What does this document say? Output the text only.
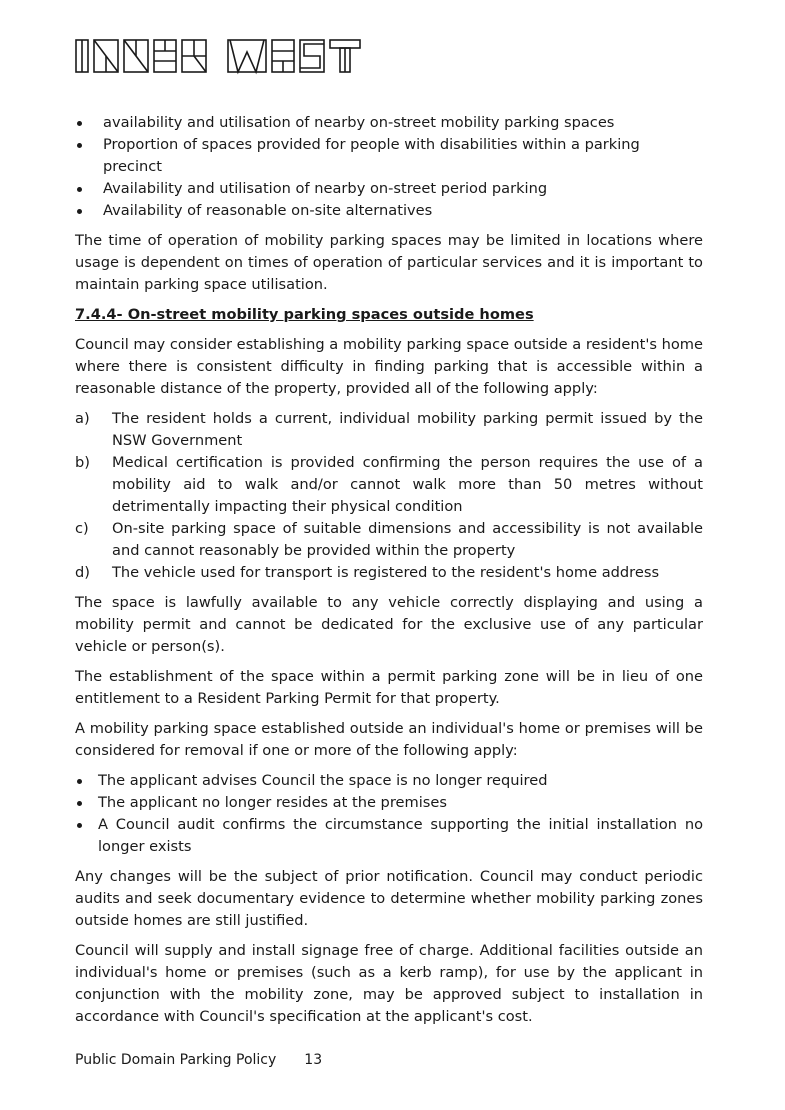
availability and utilisation of nearby on-street mobility parking spaces
Proportion of spaces provided for people with disabilities within a parking precinct
Availability and utilisation of nearby on-street period parking
Availability of reasonable on-site alternatives

The time of operation of mobility parking spaces may be limited in locations where usage is dependent on times of operation of particular services and it is important to maintain parking space utilisation.

7.4.4- On-street mobility parking spaces outside homes

Council may consider establishing a mobility parking space outside a resident's home where there is consistent difficulty in finding parking that is accessible within a reasonable distance of the property, provided all of the following apply:

a) The resident holds a current, individual mobility parking permit issued by the NSW Government
b) Medical certification is provided confirming the person requires the use of a mobility aid to walk and/or cannot walk more than 50 metres without detrimentally impacting their physical condition
c) On-site parking space of suitable dimensions and accessibility is not available and cannot reasonably be provided within the property
d) The vehicle used for transport is registered to the resident's home address

The space is lawfully available to any vehicle correctly displaying and using a mobility permit and cannot be dedicated for the exclusive use of any particular vehicle or person(s).

The establishment of the space within a permit parking zone will be in lieu of one entitlement to a Resident Parking Permit for that property.

A mobility parking space established outside an individual's home or premises will be considered for removal if one or more of the following apply:

The applicant advises Council the space is no longer required
The applicant no longer resides at the premises
A Council audit confirms the circumstance supporting the initial installation no longer exists

Any changes will be the subject of prior notification. Council may conduct periodic audits and seek documentary evidence to determine whether mobility parking zones outside homes are still justified.

Council will supply and install signage free of charge. Additional facilities outside an individual's home or premises (such as a kerb ramp), for use by the applicant in conjunction with the mobility zone, may be approved subject to installation in accordance with Council's specification at the applicant's cost.

Public Domain Parking Policy 13
